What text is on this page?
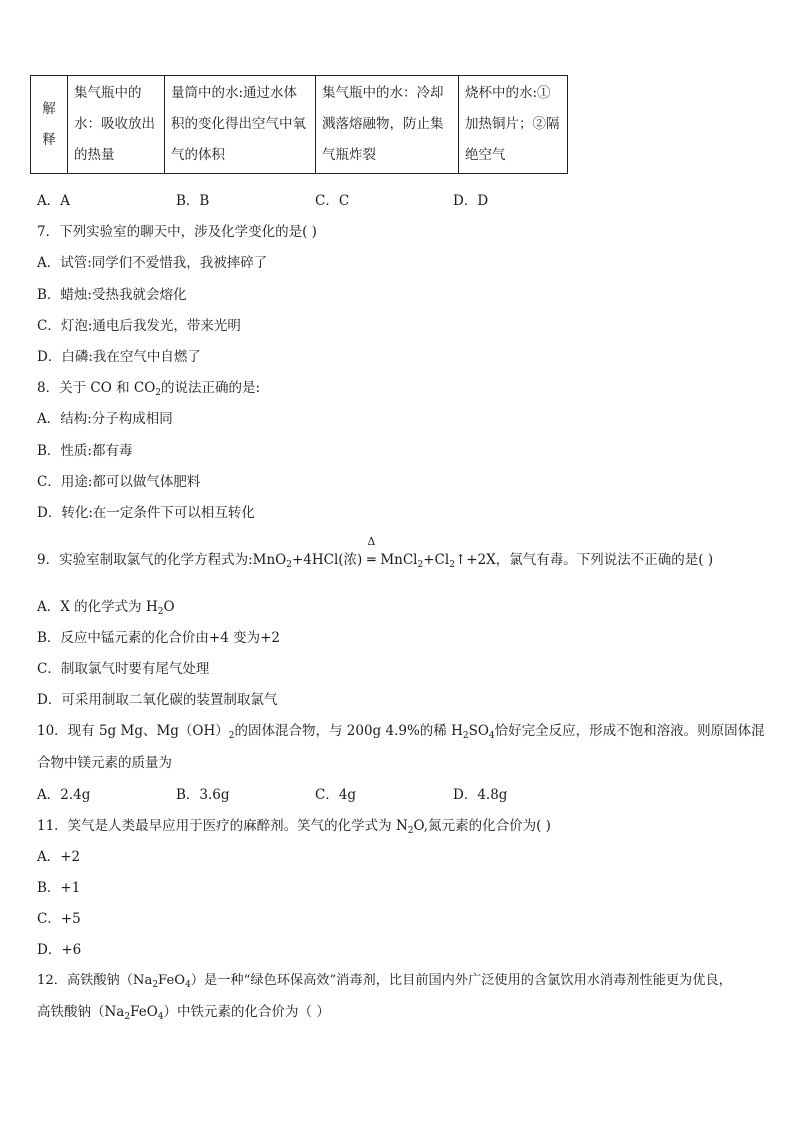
解释	集气瓶中的水：吸收放出的热量	量筒中的水:通过水体积的变化得出空气中氧气的体积	集气瓶中的水：冷却溅落熔融物，防止集气瓶炸裂	烧杯中的水:①加热铜片；②隔绝空气
A．A	B．B	C．C	D．D
7．下列实验室的聊天中，涉及化学变化的是( )
A．试管:同学们不爱惜我，我被摔碎了
B．蜡烛:受热我就会熔化
C．灯泡:通电后我发光，带来光明
D．白磷:我在空气中自燃了
8．关于 CO 和 $CO_2$的说法正确的是:
A．结构:分子构成相同
B．性质:都有毒
C．用途:都可以做气体肥料
D．转化:在一定条件下可以相互转化
9．实验室制取氯气的化学方程式为:MnO$_2$+4HCl(浓)
Δ
═ $MnCl_2+Cl_2↑+2X$，氯气有毒。下列说法不正确的是( )
A．X 的化学式为 $H_2O$
B．反应中锰元素的化合价由+4 变为+2
C．制取氯气时要有尾气处理
D．可采用制取二氧化碳的装置制取氯气
10．现有 5g Mg、$Mg(OH)_2$的固体混合物，与 200g 4.9%的稀 $H_2SO_4$恰好完全反应，形成不饱和溶液。则原固体混
合物中镁元素的质量为
A．2.4g	B．3.6g	C．4g	D．4.8g
11．笑气是人类最早应用于医疗的麻醉剂。笑气的化学式为 $N_2O$,氮元素的化合价为( )
A．+2
B．+1
C．+5
D．+6
12．高铁酸钠$(Na_2FeO_4)$是一种“绿色环保高效”消毒剂，比目前国内外广泛使用的含氯饮用水消毒剂性能更为优良，
高铁酸钠$(Na_2FeO_4)$中铁元素的化合价为（ ）
